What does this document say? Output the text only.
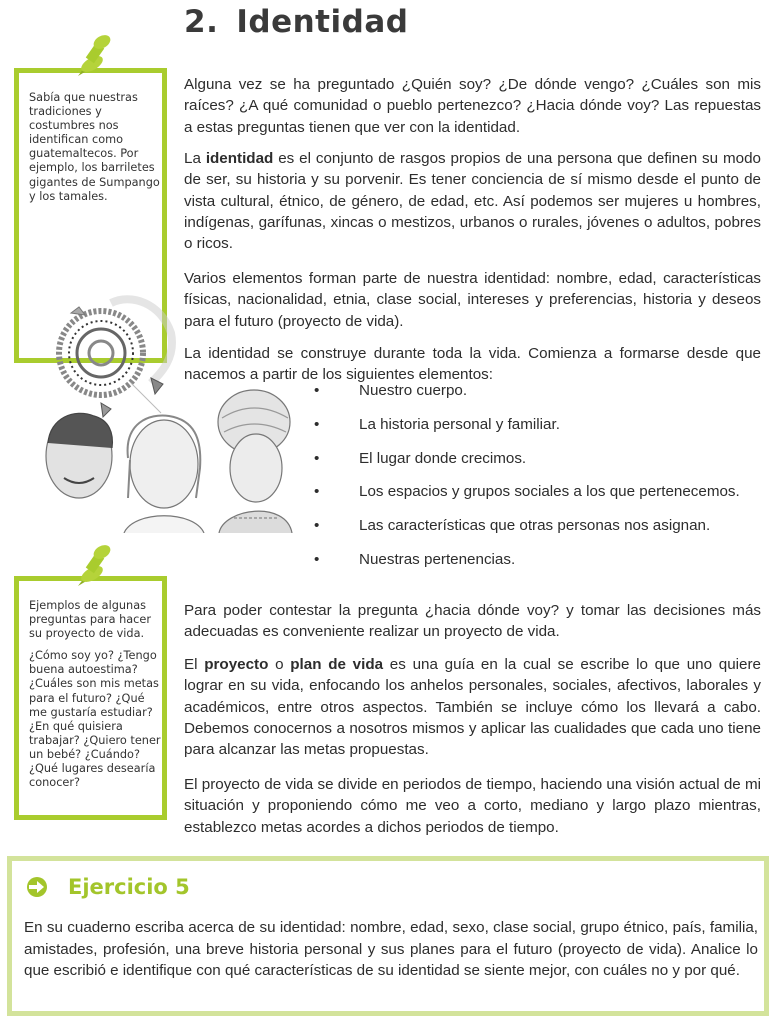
2. Identidad
Sabía que nuestras tradiciones y costumbres nos identifican como guatemaltecos. Por ejemplo, los barriletes gigantes de Sumpango y los tamales.

Alguna vez se ha preguntado ¿Quién soy? ¿De dónde vengo? ¿Cuáles son mis raíces? ¿A qué comunidad o pueblo pertenezco? ¿Hacia dónde voy? Las repuestas a estas preguntas tienen que ver con la identidad.

La identidad es el conjunto de rasgos propios de una persona que definen su modo de ser, su historia y su porvenir. Es tener conciencia de sí mismo desde el punto de vista cultural, étnico, de género, de edad, etc. Así podemos ser mujeres u hombres, indígenas, garífunas, xincas o mestizos, urbanos o rurales, jóvenes o adultos, pobres o ricos.

Varios elementos forman parte de nuestra identidad: nombre, edad, características físicas, nacionalidad, etnia, clase social, intereses y preferencias, historia y deseos para el futuro (proyecto de vida).

La identidad se construye durante toda la vida. Comienza a formarse desde que nacemos a partir de los siguientes elementos:

•	Nuestro cuerpo.
•	La historia personal y familiar.
•	El lugar donde crecimos.
•	Los espacios y grupos sociales a los que pertenecemos.
•	Las características que otras personas nos asignan.
•	Nuestras pertenencias.

Ejemplos de algunas preguntas para hacer su proyecto de vida.

¿Cómo soy yo? ¿Tengo buena autoestima? ¿Cuáles son mis metas para el futuro? ¿Qué me gustaría estudiar? ¿En qué quisiera trabajar? ¿Quiero tener un bebé? ¿Cuándo? ¿Qué lugares desearía conocer?

Para poder contestar la pregunta ¿hacia dónde voy? y tomar las decisiones más adecuadas es conveniente realizar un proyecto de vida.

El proyecto o plan de vida es una guía en la cual se escribe lo que uno quiere lograr en su vida, enfocando los anhelos personales, sociales, afectivos, laborales y académicos, entre otros aspectos. También se incluye cómo los llevará a cabo. Debemos conocernos a nosotros mismos y aplicar las cualidades que cada uno tiene para alcanzar las metas propuestas.

El proyecto de vida se divide en periodos de tiempo, haciendo una visión actual de mi situación y proponiendo cómo me veo a corto, mediano y largo plazo mientras, establezco metas acordes a dichos periodos de tiempo.

Ejercicio 5

En su cuaderno escriba acerca de su identidad: nombre, edad, sexo, clase social, grupo étnico, país, familia, amistades, profesión, una breve historia personal y sus planes para el futuro (proyecto de vida). Analice lo que escribió e identifique con qué características de su identidad se siente mejor, con cuáles no y por qué.
